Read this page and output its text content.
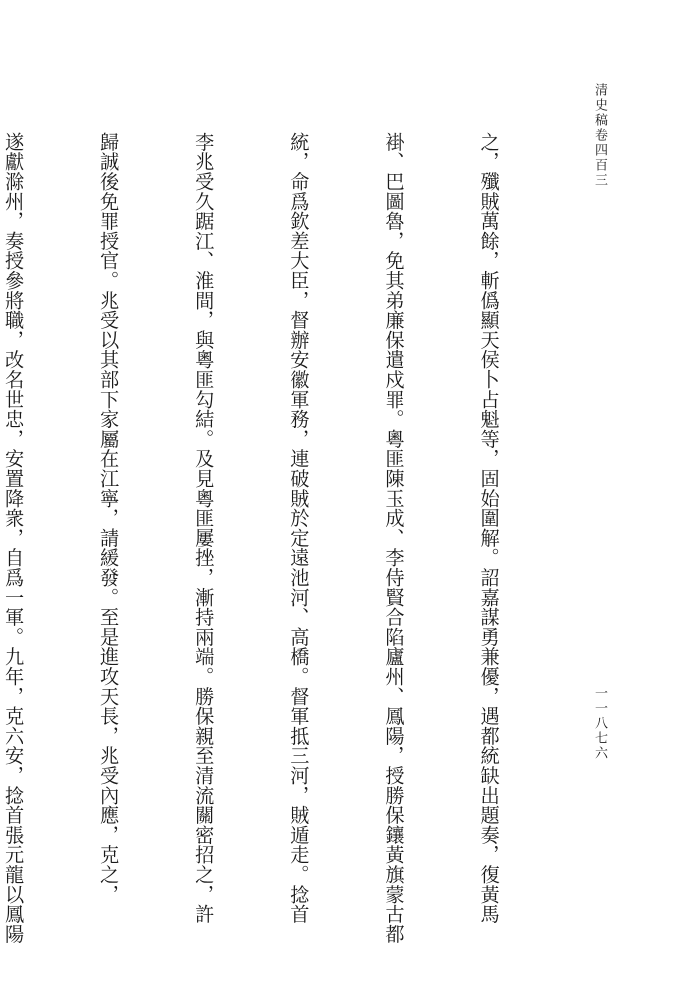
清史稿卷四百三
一一八七六

之，殲賊萬餘，斬僞顯天侯卜占魁等，固始圍解。詔嘉謀勇兼優，遇都統缺出題奏，復黃馬

褂、巴圖魯，免其弟廉保遣戍罪。粵匪陳玉成、李侍賢合陷廬州、鳳陽，授勝保鑲黃旗蒙古都

統，命爲欽差大臣，督辦安徽軍務，連破賊於定遠池河、高橋。督軍抵三河，賊遁走。捻首

李兆受久踞江、淮間，與粵匪勾結。及見粵匪屢挫，漸持兩端。勝保親至清流關密招之，許

歸誠後免罪授官。兆受以其部下家屬在江寧，請緩發。至是進攻天長，兆受內應，克之，

遂獻滁州，奏授參將職，改名世忠，安置降衆，自爲一軍。九年，克六安，捻首張元龍以鳳陽
